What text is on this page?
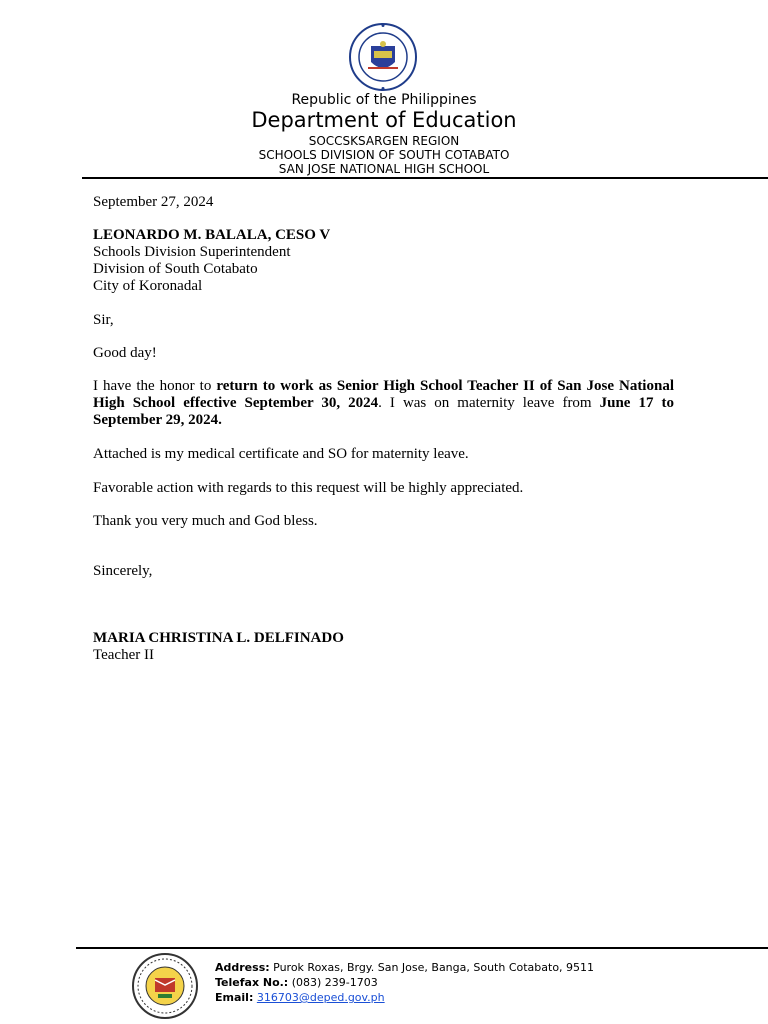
Republic of the Philippines
Department of Education
SOCCSKSARGEN REGION
SCHOOLS DIVISION OF SOUTH COTABATO
SAN JOSE NATIONAL HIGH SCHOOL
September 27, 2024
LEONARDO M. BALALA, CESO V
Schools Division Superintendent
Division of South Cotabato
City of Koronadal
Sir,
Good day!

I have the honor to return to work as Senior High School Teacher II of San Jose National High School effective September 30, 2024. I was on maternity leave from June 17 to September 29, 2024.

Attached is my medical certificate and SO for maternity leave.
Favorable action with regards to this request will be highly appreciated.
Thank you very much and God bless.
Sincerely,
MARIA CHRISTINA L. DELFINADO
Teacher II
Address: Purok Roxas, Brgy. San Jose, Banga, South Cotabato, 9511
Telefax No.: (083) 239-1703
Email: 316703@deped.gov.ph
